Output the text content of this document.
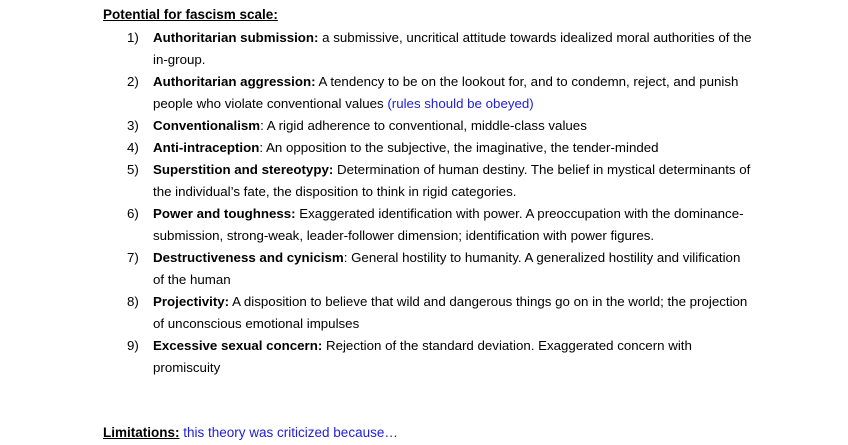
Potential for fascism scale:
1) Authoritarian submission: a submissive, uncritical attitude towards idealized moral authorities of the in-group.
2) Authoritarian aggression: A tendency to be on the lookout for, and to condemn, reject, and punish people who violate conventional values (rules should be obeyed)
3) Conventionalism: A rigid adherence to conventional, middle-class values
4) Anti-intraception: An opposition to the subjective, the imaginative, the tender-minded
5) Superstition and stereotypy: Determination of human destiny. The belief in mystical determinants of the individual’s fate, the disposition to think in rigid categories.
6) Power and toughness: Exaggerated identification with power. A preoccupation with the dominance-submission, strong-weak, leader-follower dimension; identification with power figures.
7) Destructiveness and cynicism: General hostility to humanity. A generalized hostility and vilification of the human
8) Projectivity: A disposition to believe that wild and dangerous things go on in the world; the projection of unconscious emotional impulses
9) Excessive sexual concern: Rejection of the standard deviation. Exaggerated concern with promiscuity
Limitations: this theory was criticized because…
